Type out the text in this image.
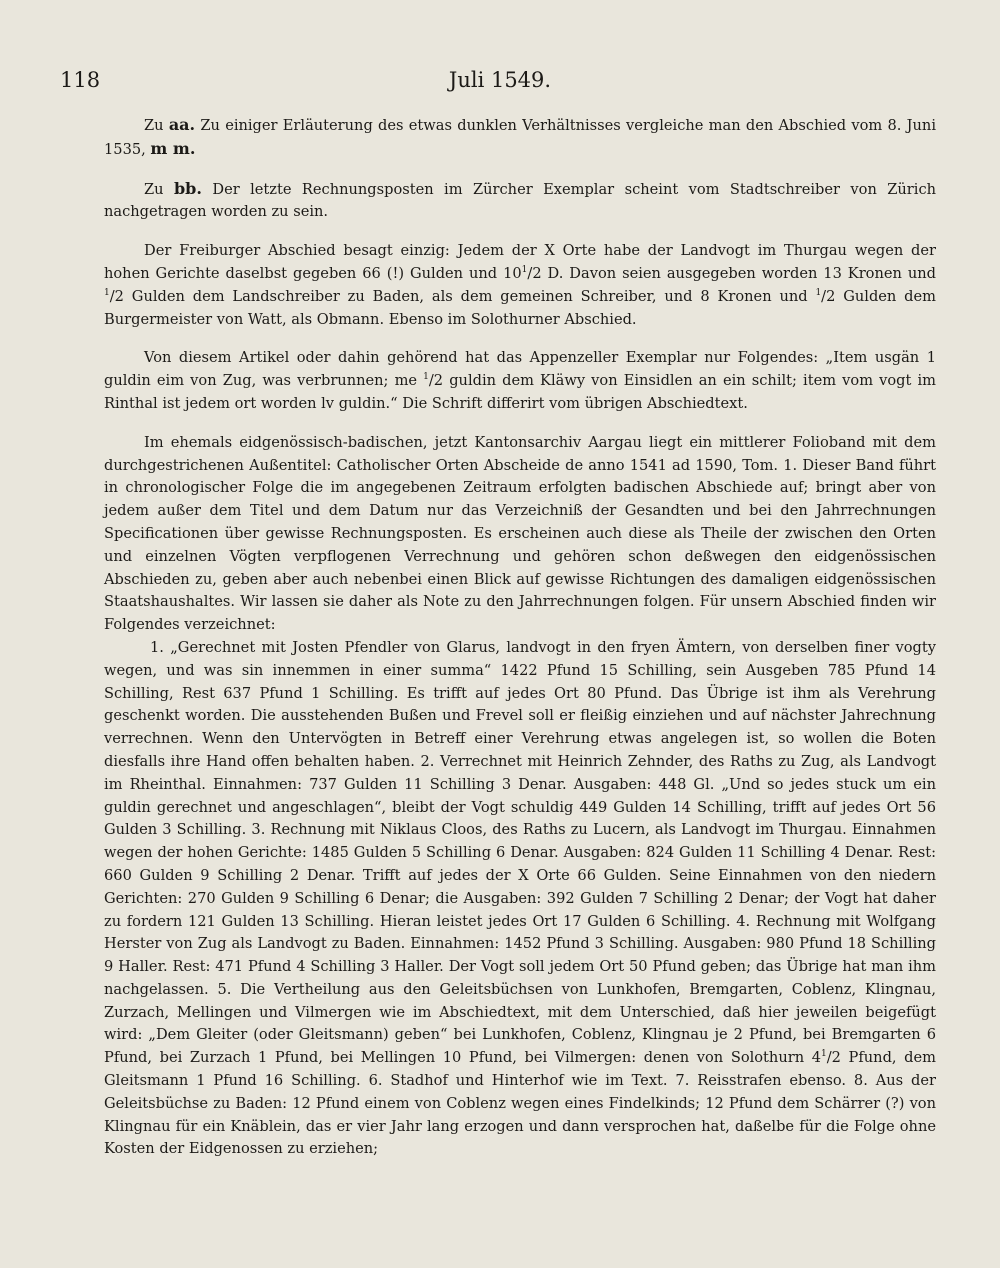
118	Juli 1549.

Zu aa. Zu einiger Erläuterung des etwas dunklen Verhältnisses vergleiche man den Abschied vom 8. Juni 1535, m m.

Zu bb. Der letzte Rechnungsposten im Zürcher Exemplar scheint vom Stadtschreiber von Zürich nachgetragen worden zu sein.

Der Freiburger Abschied besagt einzig: Jedem der X Orte habe der Landvogt im Thurgau wegen der hohen Gerichte daselbst gegeben 66 (!) Gulden und $10^1/2$ D. Davon seien ausgegeben worden 13 Kronen und $^1$/2 Gulden dem Landschreiber zu Baden, als dem gemeinen Schreiber, und 8 Kronen und $^1$/2 Gulden dem Burgermeister von Watt, als Obmann. Ebenso im Solothurner Abschied.

Von diesem Artikel oder dahin gehörend hat das Appenzeller Exemplar nur Folgendes: „Item usgän 1 guldin eim von Zug, was verbrunnen; me $^1$/2 guldin dem Kläwy von Einsidlen an ein schilt; item vom vogt im Rinthal ist jedem ort worden lv guldin.“ Die Schrift differirt vom übrigen Abschiedtext.

Im ehemals eidgenössisch-badischen, jetzt Kantonsarchiv Aargau liegt ein mittlerer Folioband mit dem durchgestrichenen Außentitel: Catholischer Orten Abscheide de anno 1541 ad 1590, Tom. 1. Dieser Band führt in chronologischer Folge die im angegebenen Zeitraum erfolgten badischen Abschiede auf; bringt aber von jedem außer dem Titel und dem Datum nur das Verzeichniß der Gesandten und bei den Jahrrechnungen Specificationen über gewisse Rechnungsposten. Es erscheinen auch diese als Theile der zwischen den Orten und einzelnen Vögten verpflogenen Verrechnung und gehören schon deßwegen den eidgenössischen Abschieden zu, geben aber auch nebenbei einen Blick auf gewisse Richtungen des damaligen eidgenössischen Staatshaushaltes. Wir lassen sie daher als Note zu den Jahrrechnungen folgen. Für unsern Abschied finden wir Folgendes verzeichnet:

1. „Gerechnet mit Josten Pfendler von Glarus, landvogt in den fryen Ämtern, von derselben finer vogty wegen, und was sin innemmen in einer summa“ 1422 Pfund 15 Schilling, sein Ausgeben 785 Pfund 14 Schilling, Rest 637 Pfund 1 Schilling. Es trifft auf jedes Ort 80 Pfund. Das Übrige ist ihm als Verehrung geschenkt worden. Die ausstehenden Bußen und Frevel soll er fleißig einziehen und auf nächster Jahrechnung verrechnen. Wenn den Untervögten in Betreff einer Verehrung etwas angelegen ist, so wollen die Boten diesfalls ihre Hand offen behalten haben. 2. Verrechnet mit Heinrich Zehnder, des Raths zu Zug, als Landvogt im Rheinthal. Einnahmen: 737 Gulden 11 Schilling 3 Denar. Ausgaben: 448 Gl. „Und so jedes stuck um ein guldin gerechnet und angeschlagen“, bleibt der Vogt schuldig 449 Gulden 14 Schilling, trifft auf jedes Ort 56 Gulden 3 Schilling. 3. Rechnung mit Niklaus Cloos, des Raths zu Lucern, als Landvogt im Thurgau. Einnahmen wegen der hohen Gerichte: 1485 Gulden 5 Schilling 6 Denar. Ausgaben: 824 Gulden 11 Schilling 4 Denar. Rest: 660 Gulden 9 Schilling 2 Denar. Trifft auf jedes der X Orte 66 Gulden. Seine Einnahmen von den niedern Gerichten: 270 Gulden 9 Schilling 6 Denar; die Ausgaben: 392 Gulden 7 Schilling 2 Denar; der Vogt hat daher zu fordern 121 Gulden 13 Schilling. Hieran leistet jedes Ort 17 Gulden 6 Schilling. 4. Rechnung mit Wolfgang Herster von Zug als Landvogt zu Baden. Einnahmen: 1452 Pfund 3 Schilling. Ausgaben: 980 Pfund 18 Schilling 9 Haller. Rest: 471 Pfund 4 Schilling 3 Haller. Der Vogt soll jedem Ort 50 Pfund geben; das Übrige hat man ihm nachgelassen. 5. Die Vertheilung aus den Geleitsbüchsen von Lunkhofen, Bremgarten, Coblenz, Klingnau, Zurzach, Mellingen und Vilmergen wie im Abschiedtext, mit dem Unterschied, daß hier jeweilen beigefügt wird: „Dem Gleiter (oder Gleitsmann) geben“ bei Lunkhofen, Coblenz, Klingnau je 2 Pfund, bei Bremgarten 6 Pfund, bei Zurzach 1 Pfund, bei Mellingen 10 Pfund, bei Vilmergen: denen von Solothurn $4^1/2$ Pfund, dem Gleitsmann 1 Pfund 16 Schilling. 6. Stadhof und Hinterhof wie im Text. 7. Reisstrafen ebenso. 8. Aus der Geleitsbüchse zu Baden: 12 Pfund einem von Coblenz wegen eines Findelkinds; 12 Pfund dem Schärrer (?) von Klingnau für ein Knäblein, das er vier Jahr lang erzogen und dann versprochen hat, daßelbe für die Folge ohne Kosten der Eidgenossen zu erziehen;
